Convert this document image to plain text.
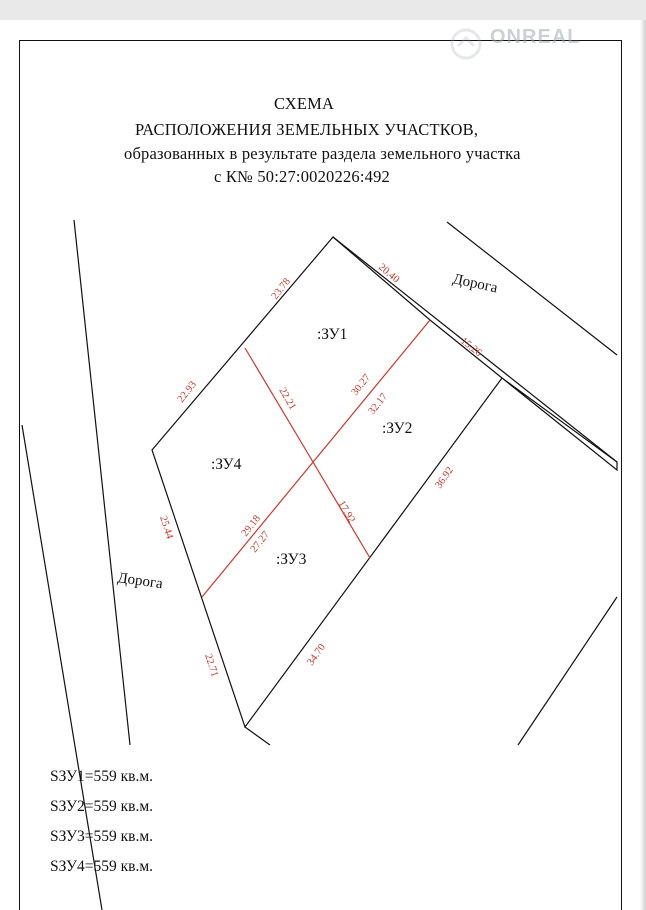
ONREAL
СХЕМА
РАСПОЛОЖЕНИЯ ЗЕМЕЛЬНЫХ УЧАСТКОВ,
образованных в результате раздела земельного участка
с К№ 50:27:0020226:492
Дорога
Дорога
:ЗУ1
:ЗУ2
:ЗУ4
:ЗУ3
23.78
20.40
15.26
22.93	22.21
30.27
32.17
36.92
25.44	29.18
27.27
17.92
34.70
22.71
SЗУ1=559 кв.м.
SЗУ2=559 кв.м.
SЗУ3=559 кв.м.
SЗУ4=559 кв.м.
